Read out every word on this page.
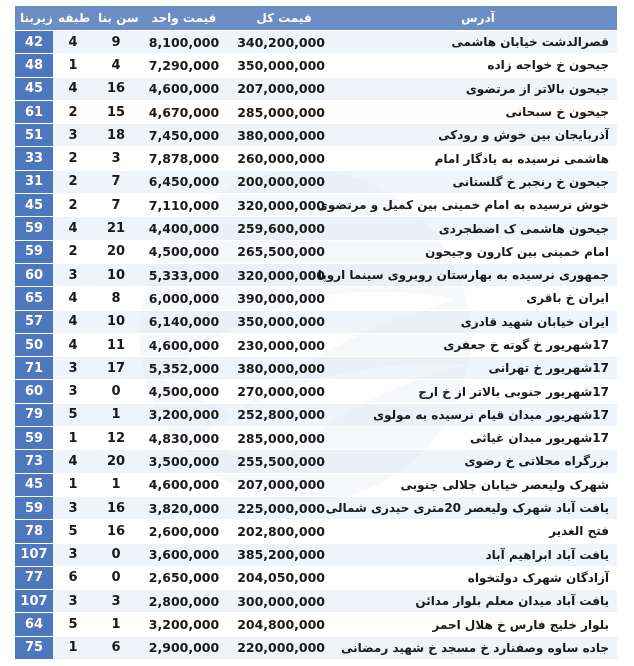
زیربنا	طبقه	سن بنا	قیمت واحد	قیمت کل	آدرس
42	4	9	8,100,000	340,200,000	قصرالدشت خیابان هاشمی
48	1	4	7,290,000	350,000,000	جیحون خ خواجه زاده
45	4	16	4,600,000	207,000,000	جیحون بالاتر از مرتضوی
61	2	15	4,670,000	285,000,000	جیحون خ سبحانی
51	3	18	7,450,000	380,000,000	آذربایجان بین خوش و رودکی
33	2	3	7,878,000	260,000,000	هاشمی نرسیده به یادگار امام
31	2	7	6,450,000	200,000,000	جیحون خ رنجبر خ گلستانی
45	2	7	7,110,000	320,000,000	خوش نرسیده به امام خمینی بین کمیل و مرتضوی
59	4	21	4,400,000	259,600,000	جیحون هاشمی ک اضطجردی
59	2	20	4,500,000	265,500,000	امام خمینی بین کارون وجیحون
60	3	10	5,333,000	320,000,000	جمهوری نرسیده به بهارستان روبروی سینما اروپا
65	4	8	6,000,000	390,000,000	ایران خ باقری
57	4	10	6,140,000	350,000,000	ایران خیابان شهید قادری
50	4	11	4,600,000	230,000,000	17شهریور خ گوته خ جعفری
71	3	17	5,352,000	380,000,000	17شهریور خ تهرانی
60	3	0	4,500,000	270,000,000	17شهریور جنوبی بالاتر از خ ارج
79	5	1	3,200,000	252,800,000	17شهریور میدان قیام نرسیده به مولوی
59	1	12	4,830,000	285,000,000	17شهریور میدان غیاثی
73	4	20	3,500,000	255,500,000	بزرگراه محلاتی خ رضوی
45	1	1	4,600,000	207,000,000	شهرک ولیعصر خیابان جلالی جنوبی
59	3	16	3,820,000	225,000,000	یافت آباد شهرک ولیعصر 20متری حیدری شمالی
78	5	16	2,600,000	202,800,000	فتح الغدیر
107	3	0	3,600,000	385,200,000	یافت آباد ابراهیم آباد
77	6	0	2,650,000	204,050,000	آزادگان شهرک دولتخواه
107	3	3	2,800,000	300,000,000	یافت آباد میدان معلم بلوار مدائن
64	5	1	3,200,000	204,800,000	بلوار خلیج فارس خ هلال احمر
75	1	6	2,900,000	220,000,000	جاده ساوه وصفنارد خ مسجد خ شهید رمضانی
